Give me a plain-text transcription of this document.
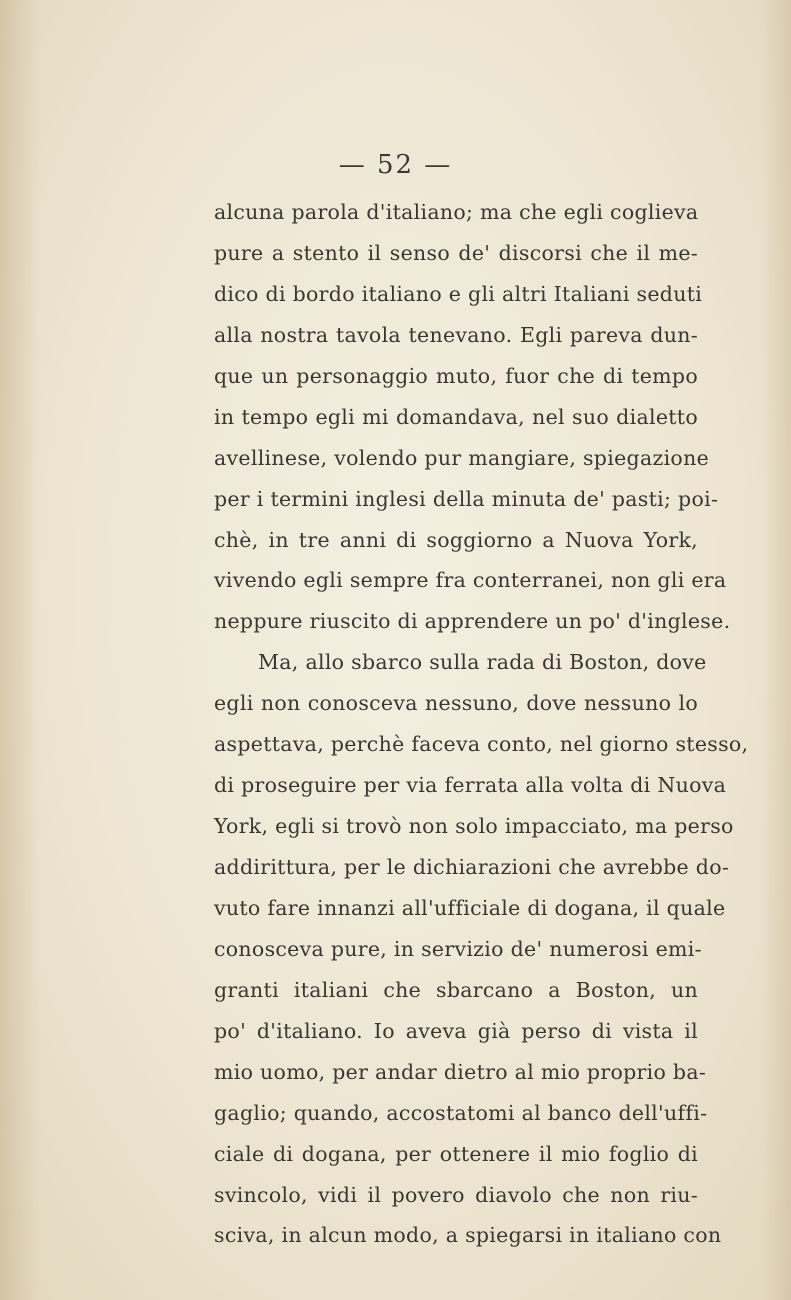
— 52 —
alcuna parola d'italiano; ma che egli coglieva
pure a stento il senso de' discorsi che il me-
dico di bordo italiano e gli altri Italiani seduti
alla nostra tavola tenevano. Egli pareva dun-
que un personaggio muto, fuor che di tempo
in tempo egli mi domandava, nel suo dialetto
avellinese, volendo pur mangiare, spiegazione
per i termini inglesi della minuta de' pasti; poi-
chè, in tre anni di soggiorno a Nuova York,
vivendo egli sempre fra conterranei, non gli era
neppure riuscito di apprendere un po' d'inglese.
Ma, allo sbarco sulla rada di Boston, dove
egli non conosceva nessuno, dove nessuno lo
aspettava, perchè faceva conto, nel giorno stesso,
di proseguire per via ferrata alla volta di Nuova
York, egli si trovò non solo impacciato, ma perso
addirittura, per le dichiarazioni che avrebbe do-
vuto fare innanzi all'ufficiale di dogana, il quale
conosceva pure, in servizio de' numerosi emi-
granti italiani che sbarcano a Boston, un
po' d'italiano. Io aveva già perso di vista il
mio uomo, per andar dietro al mio proprio ba-
gaglio; quando, accostatomi al banco dell'uffi-
ciale di dogana, per ottenere il mio foglio di
svincolo, vidi il povero diavolo che non riu-
sciva, in alcun modo, a spiegarsi in italiano con
